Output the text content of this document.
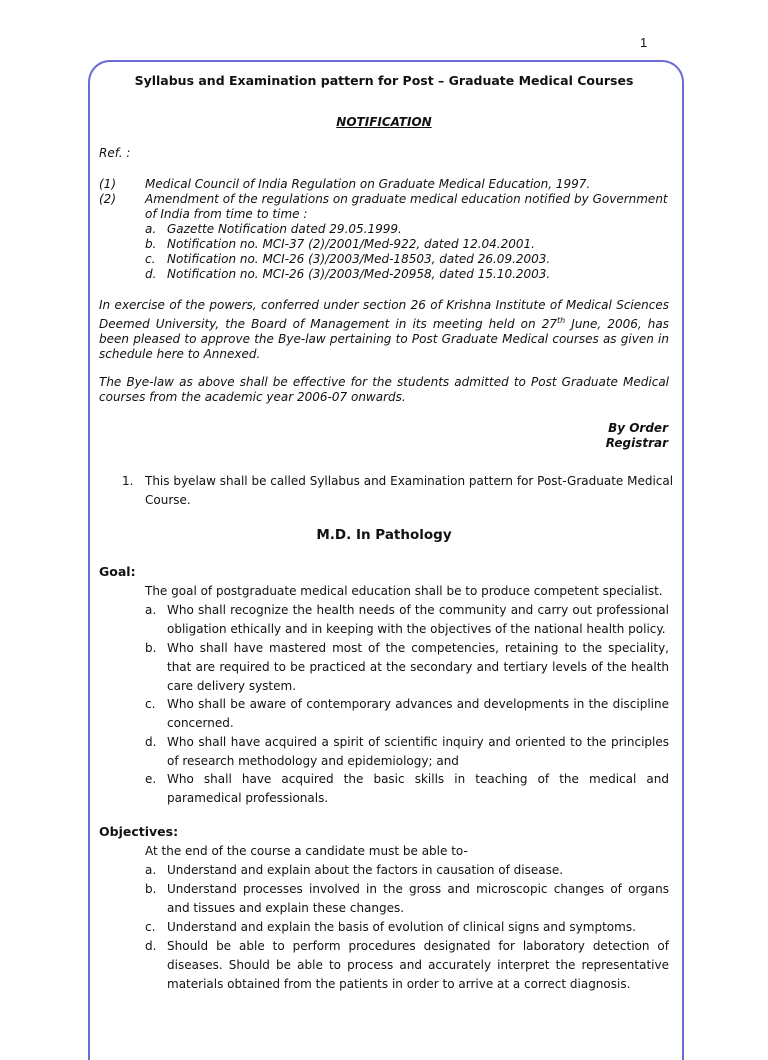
1
Syllabus and Examination pattern for Post – Graduate Medical Courses
NOTIFICATION
Ref. :
(1) Medical Council of India Regulation on Graduate Medical Education, 1997.
(2) Amendment of the regulations on graduate medical education notified by Government
of India from time to time :
a. Gazette Notification dated 29.05.1999.
b. Notification no. MCI-37 (2)/2001/Med-922, dated 12.04.2001.
c. Notification no. MCI-26 (3)/2003/Med-18503, dated 26.09.2003.
d. Notification no. MCI-26 (3)/2003/Med-20958, dated 15.10.2003.
In exercise of the powers, conferred under section 26 of Krishna Institute of Medical Sciences Deemed University, the Board of Management in its meeting held on 27th June, 2006, has been pleased to approve the Bye-law pertaining to Post Graduate Medical courses as given in schedule here to Annexed.
The Bye-law as above shall be effective for the students admitted to Post Graduate Medical courses from the academic year 2006-07 onwards.
By Order
Registrar
1. This byelaw shall be called Syllabus and Examination pattern for Post-Graduate Medical
Course.
M.D. In Pathology
Goal:
The goal of postgraduate medical education shall be to produce competent specialist.
a. Who shall recognize the health needs of the community and carry out professional obligation ethically and in keeping with the objectives of the national health policy.
b. Who shall have mastered most of the competencies, retaining to the speciality, that are required to be practiced at the secondary and tertiary levels of the health care delivery system.
c. Who shall be aware of contemporary advances and developments in the discipline concerned.
d. Who shall have acquired a spirit of scientific inquiry and oriented to the principles of research methodology and epidemiology; and
e. Who shall have acquired the basic skills in teaching of the medical and paramedical professionals.
Objectives:
At the end of the course a candidate must be able to-
a. Understand and explain about the factors in causation of disease.
b. Understand processes involved in the gross and microscopic changes of organs and tissues and explain these changes.
c. Understand and explain the basis of evolution of clinical signs and symptoms.
d. Should be able to perform procedures designated for laboratory detection of diseases. Should be able to process and accurately interpret the representative materials obtained from the patients in order to arrive at a correct diagnosis.
